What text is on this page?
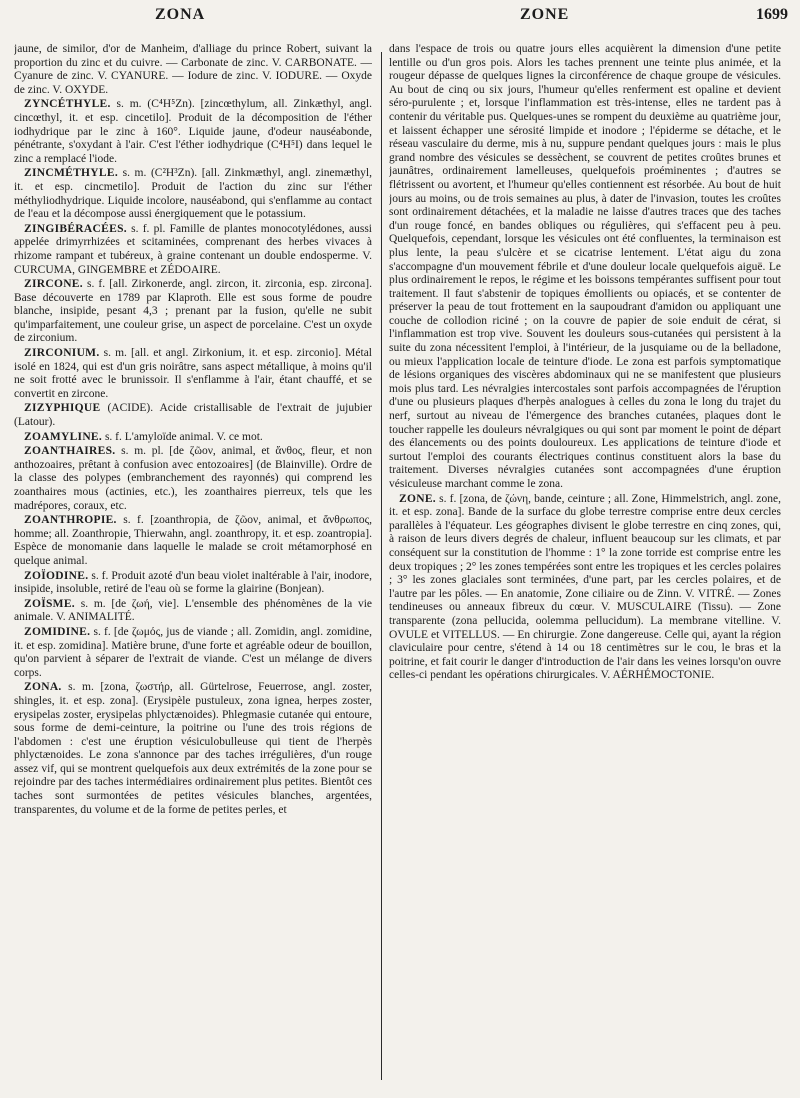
ZONA	ZONE	1699

jaune, de similor, d'or de Manheim, d'alliage du prince Robert, suivant la proportion du zinc et du cuivre. — Carbonate de zinc. V. CARBONATE. — Cyanure de zinc. V. CYANURE. — Iodure de zinc. V. IODURE. — Oxyde de zinc. V. OXYDE.

ZYNCÉTHYLE. s. m. (C⁴H⁵Zn). [zincœthylum, all. Zinkæthyl, angl. cincœthyl, it. et esp. cincetilo]. Produit de la décomposition de l'éther iodhydrique par le zinc à 160°. Liquide jaune, d'odeur nauséabonde, pénétrante, s'oxydant à l'air. C'est l'éther iodhydrique (C⁴H⁵I) dans lequel le zinc a remplacé l'iode.

ZINCMÉTHYLE. s. m. (C²H³Zn). [all. Zinkmæthyl, angl. zinemæthyl, it. et esp. cincmetilo]. Produit de l'action du zinc sur l'éther méthyliodhydrique. Liquide incolore, nauséabond, qui s'enflamme au contact de l'eau et la décompose aussi énergiquement que le potassium.

ZINGIBÉRACÉES. s. f. pl. Famille de plantes monocotylédones, aussi appelée drimyrrhizées et scitaminées, comprenant des herbes vivaces à rhizome rampant et tubéreux, à graine contenant un double endosperme. V. CURCUMA, GINGEMBRE et ZÉDOAIRE.

ZIRCONE. s. f. [all. Zirkonerde, angl. zircon, it. zirconia, esp. zircona]. Base découverte en 1789 par Klaproth. Elle est sous forme de poudre blanche, insipide, pesant 4,3 ; prenant par la fusion, qu'elle ne subit qu'imparfaitement, une couleur grise, un aspect de porcelaine. C'est un oxyde de zirconium.

ZIRCONIUM. s. m. [all. et angl. Zirkonium, it. et esp. zirconio]. Métal isolé en 1824, qui est d'un gris noirâtre, sans aspect métallique, à moins qu'il ne soit frotté avec le brunissoir. Il s'enflamme à l'air, étant chauffé, et se convertit en zircone.

ZIZYPHIQUE (ACIDE). Acide cristallisable de l'extrait de jujubier (Latour).

ZOAMYLINE. s. f. L'amyloïde animal. V. ce mot.

ZOANTHAIRES. s. m. pl. [de ζῶον, animal, et ἄνθος, fleur, et non anthozoaires, prêtant à confusion avec entozoaires] (de Blainville). Ordre de la classe des polypes (embranchement des rayonnés) qui comprend les zoanthaires mous (actinies, etc.), les zoanthaires pierreux, tels que les madrépores, coraux, etc.

ZOANTHROPIE. s. f. [zoanthropia, de ζῶον, animal, et ἄνθρωπος, homme; all. Zoanthropie, Thierwahn, angl. zoanthropy, it. et esp. zoantropia]. Espèce de monomanie dans laquelle le malade se croit métamorphosé en quelque animal.

ZOÏODINE. s. f. Produit azoté d'un beau violet inaltérable à l'air, inodore, insipide, insoluble, retiré de l'eau où se forme la glairine (Bonjean).

ZOÏSME. s. m. [de ζωή, vie]. L'ensemble des phénomènes de la vie animale. V. ANIMALITÉ.

ZOMIDINE. s. f. [de ζωμός, jus de viande ; all. Zomidin, angl. zomidine, it. et esp. zomidina]. Matière brune, d'une forte et agréable odeur de bouillon, qu'on parvient à séparer de l'extrait de viande. C'est un mélange de divers corps.

ZONA. s. m. [zona, ζωστήρ, all. Gürtelrose, Feuerrose, angl. zoster, shingles, it. et esp. zona]. (Erysipèle pustuleux, zona ignea, herpes zoster, erysipelas zoster, erysipelas phlyctænoides). Phlegmasie cutanée qui entoure, sous forme de demi-ceinture, la poitrine ou l'une des trois régions de l'abdomen : c'est une éruption vésiculobulleuse qui tient de l'herpès phlyctænoides. Le zona s'annonce par des taches irrégulières, d'un rouge assez vif, qui se montrent quelquefois aux deux extrémités de la zone pour se rejoindre par des taches intermédiaires ordinairement plus petites. Bientôt ces taches sont surmontées de petites vésicules blanches, argentées, transparentes, du volume et de la forme de petites perles, et

dans l'espace de trois ou quatre jours elles acquièrent la dimension d'une petite lentille ou d'un gros pois. Alors les taches prennent une teinte plus animée, et la rougeur dépasse de quelques lignes la circonférence de chaque groupe de vésicules. Au bout de cinq ou six jours, l'humeur qu'elles renferment est opaline et devient séro-purulente ; et, lorsque l'inflammation est très-intense, elles ne tardent pas à contenir du véritable pus. Quelques-unes se rompent du deuxième au quatrième jour, et laissent échapper une sérosité limpide et inodore ; l'épiderme se détache, et le réseau vasculaire du derme, mis à nu, suppure pendant quelques jours : mais le plus grand nombre des vésicules se dessèchent, se couvrent de petites croûtes brunes et jaunâtres, ordinairement lamelleuses, quelquefois proéminentes ; d'autres se flétrissent ou avortent, et l'humeur qu'elles contiennent est résorbée. Au bout de huit jours au moins, ou de trois semaines au plus, à dater de l'invasion, toutes les croûtes sont ordinairement détachées, et la maladie ne laisse d'autres traces que des taches d'un rouge foncé, en bandes obliques ou régulières, qui s'effacent peu à peu. Quelquefois, cependant, lorsque les vésicules ont été confluentes, la terminaison est plus lente, la peau s'ulcère et se cicatrise lentement. L'état aigu du zona s'accompagne d'un mouvement fébrile et d'une douleur locale quelquefois aiguë. Le plus ordinairement le repos, le régime et les boissons tempérantes suffisent pour tout traitement. Il faut s'abstenir de topiques émollients ou opiacés, et se contenter de préserver la peau de tout frottement en la saupoudrant d'amidon ou appliquant une couche de collodion riciné ; on la couvre de papier de soie enduit de cérat, si l'inflammation est trop vive. Souvent les douleurs sous-cutanées qui persistent à la suite du zona nécessitent l'emploi, à l'intérieur, de la jusquiame ou de la belladone, ou mieux l'application locale de teinture d'iode. Le zona est parfois symptomatique de lésions organiques des viscères abdominaux qui ne se manifestent que plusieurs mois plus tard. Les névralgies intercostales sont parfois accompagnées de l'éruption d'une ou plusieurs plaques d'herpès analogues à celles du zona le long du trajet du nerf, surtout au niveau de l'émergence des branches cutanées, plaques dont le toucher rappelle les douleurs névralgiques ou qui sont par moment le point de départ des élancements ou des points douloureux. Les applications de teinture d'iode et surtout l'emploi des courants électriques continus constituent alors la base du traitement. Diverses névralgies cutanées sont accompagnées d'une éruption vésiculeuse marchant comme le zona.

ZONE. s. f. [zona, de ζώνη, bande, ceinture ; all. Zone, Himmelstrich, angl. zone, it. et esp. zona]. Bande de la surface du globe terrestre comprise entre deux cercles parallèles à l'équateur. Les géographes divisent le globe terrestre en cinq zones, qui, à raison de leurs divers degrés de chaleur, influent beaucoup sur les climats, et par conséquent sur la constitution de l'homme : 1° la zone torride est comprise entre les deux tropiques ; 2° les zones tempérées sont entre les tropiques et les cercles polaires ; 3° les zones glaciales sont terminées, d'une part, par les cercles polaires, et de l'autre par les pôles. — En anatomie, Zone ciliaire ou de Zinn. V. VITRÉ. — Zones tendineuses ou anneaux fibreux du cœur. V. MUSCULAIRE (Tissu). — Zone transparente (zona pellucida, oolemma pellucidum). La membrane vitelline. V. OVULE et VITELLUS. — En chirurgie. Zone dangereuse. Celle qui, ayant la région claviculaire pour centre, s'étend à 14 ou 18 centimètres sur le cou, le bras et la poitrine, et fait courir le danger d'introduction de l'air dans les veines lorsqu'on ouvre celles-ci pendant les opérations chirurgicales. V. AÉRHÉMOCTONIE.
